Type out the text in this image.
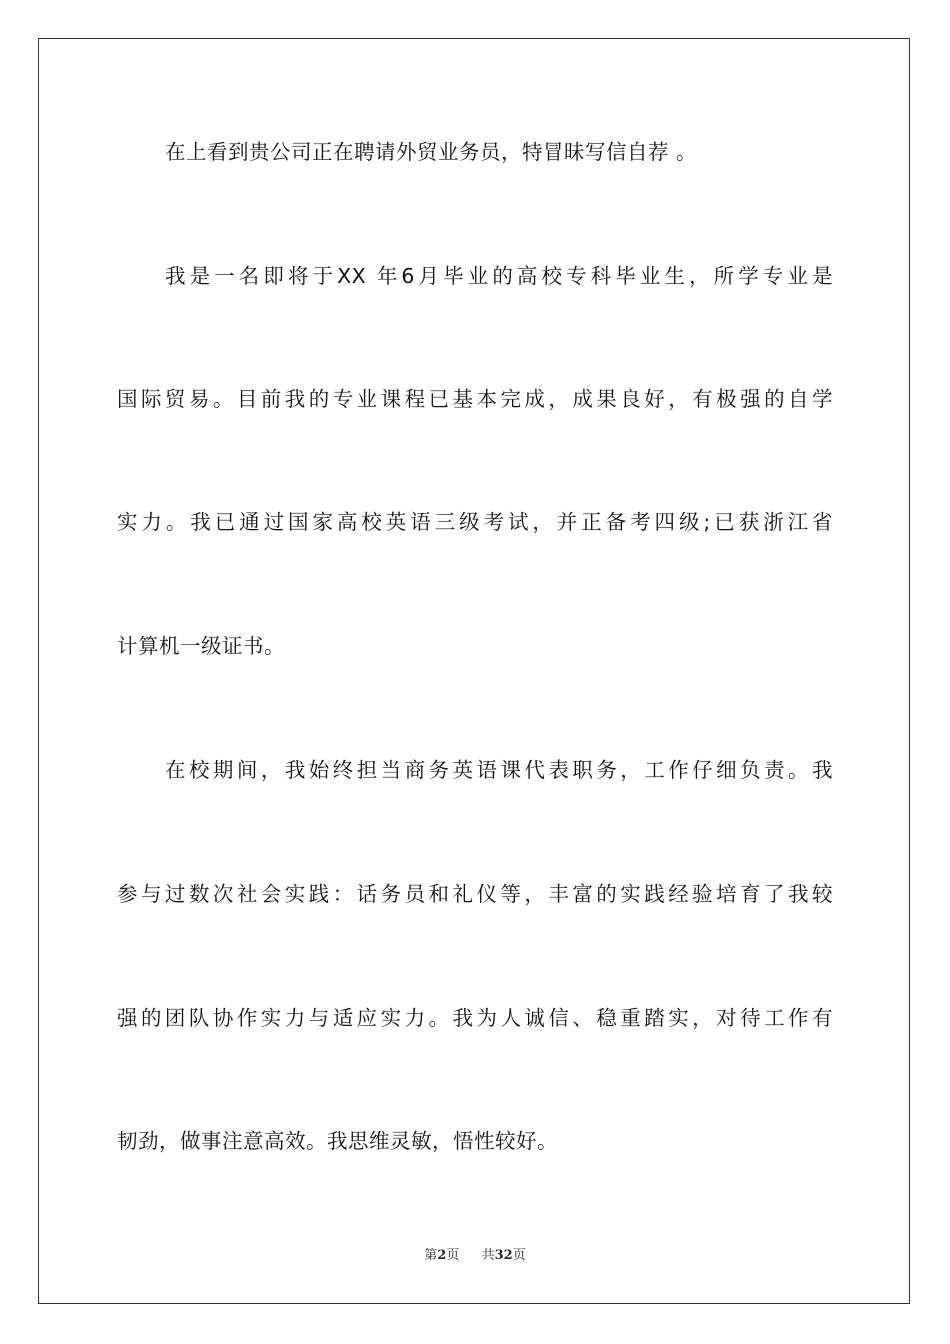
在上看到贵公司正在聘请外贸业务员，特冒昧写信自荐 。
我是一名即将于XX 年6月毕业的高校专科毕业生，所学专业是
国际贸易。目前我的专业课程已基本完成，成果良好，有极强的自学
实力。我已通过国家高校英语三级考试，并正备考四级;已获浙江省
计算机一级证书。
在校期间，我始终担当商务英语课代表职务，工作仔细负责。我
参与过数次社会实践：话务员和礼仪等，丰富的实践经验培育了我较
强的团队协作实力与适应实力。我为人诚信、稳重踏实，对待工作有
韧劲，做事注意高效。我思维灵敏，悟性较好。
第2页 共32页
